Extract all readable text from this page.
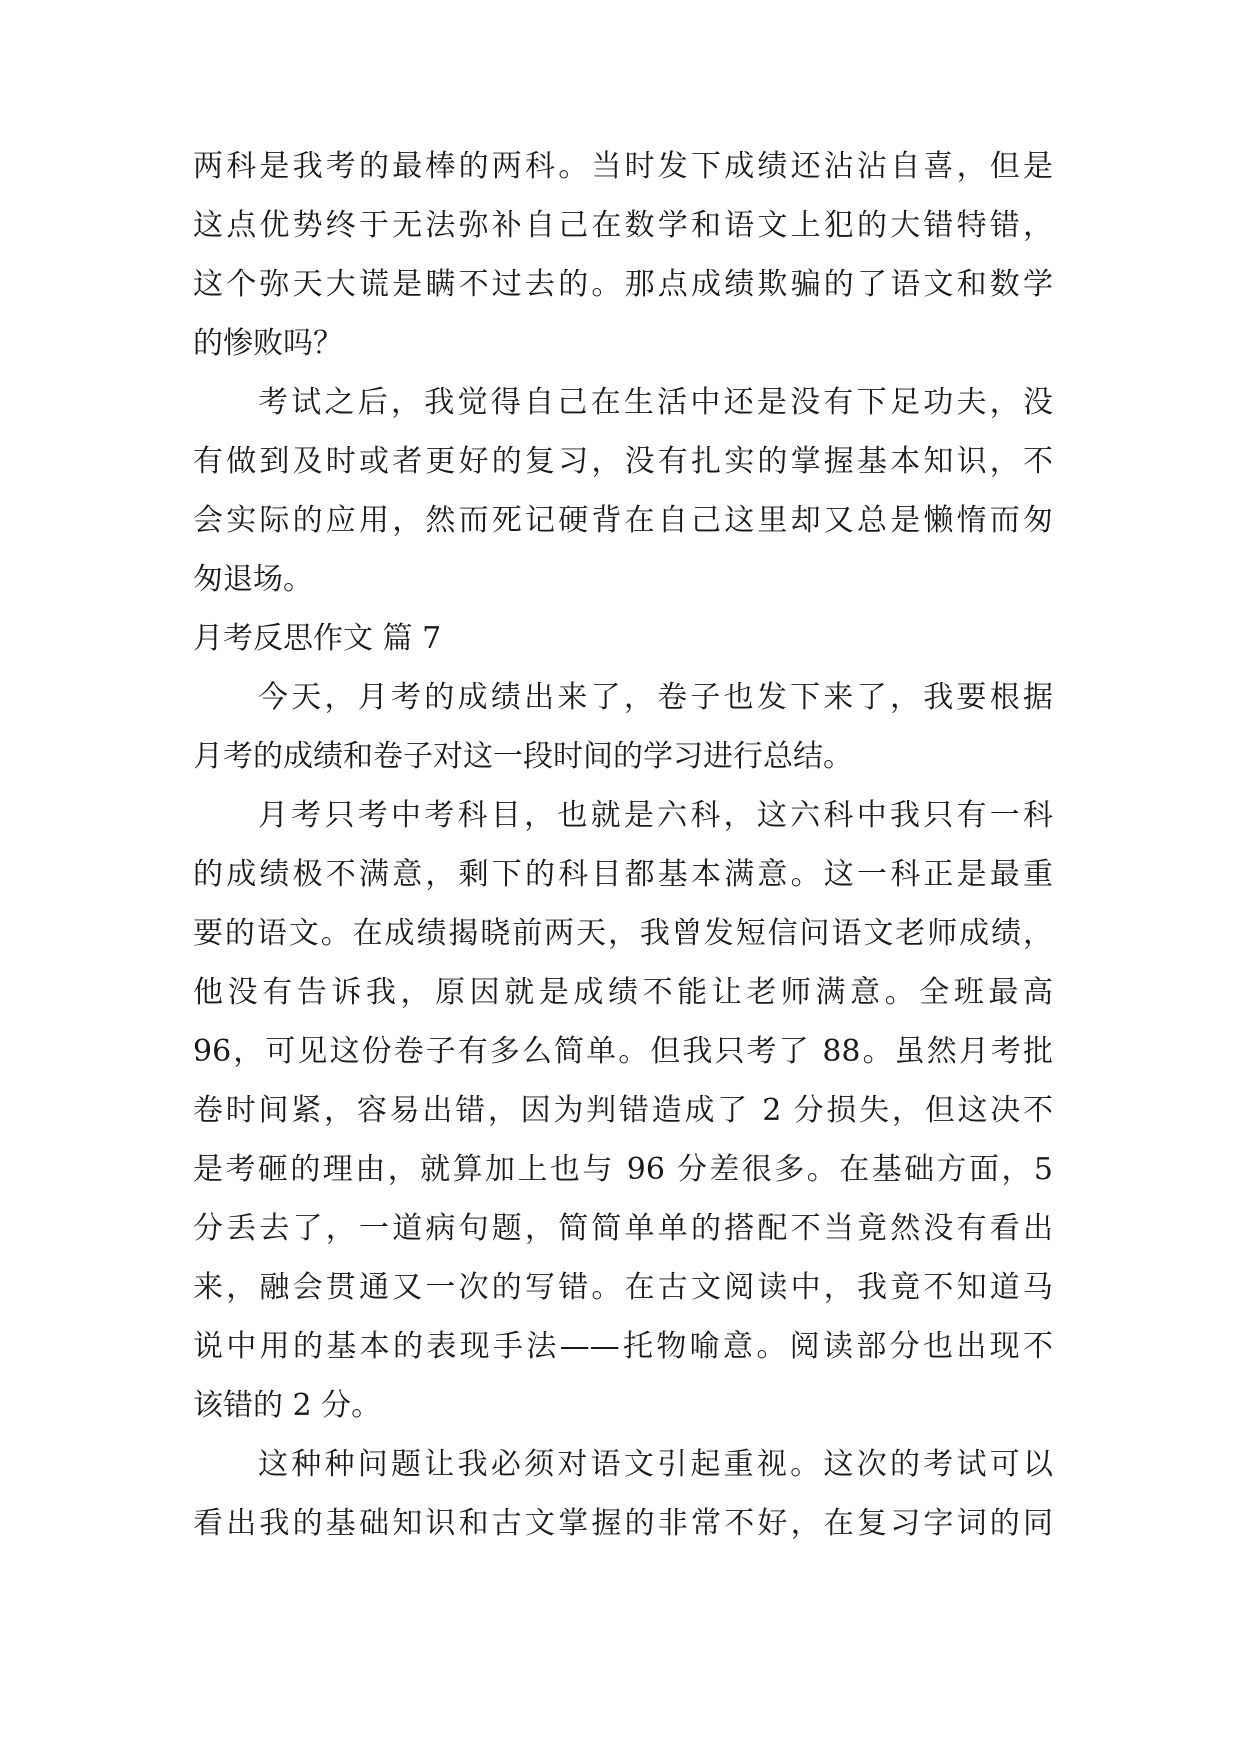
两科是我考的最棒的两科。当时发下成绩还沾沾自喜，但是
这点优势终于无法弥补自己在数学和语文上犯的大错特错，
这个弥天大谎是瞒不过去的。那点成绩欺骗的了语文和数学
的惨败吗？
考试之后，我觉得自己在生活中还是没有下足功夫，没
有做到及时或者更好的复习，没有扎实的掌握基本知识，不
会实际的应用，然而死记硬背在自己这里却又总是懒惰而匆
匆退场。
月考反思作文 篇 7
今天，月考的成绩出来了，卷子也发下来了，我要根据
月考的成绩和卷子对这一段时间的学习进行总结。
月考只考中考科目，也就是六科，这六科中我只有一科
的成绩极不满意，剩下的科目都基本满意。这一科正是最重
要的语文。在成绩揭晓前两天，我曾发短信问语文老师成绩，
他没有告诉我，原因就是成绩不能让老师满意。全班最高
96，可见这份卷子有多么简单。但我只考了 88。虽然月考批
卷时间紧，容易出错，因为判错造成了 2 分损失，但这决不
是考砸的理由，就算加上也与 96 分差很多。在基础方面，5
分丢去了，一道病句题，简简单单的搭配不当竟然没有看出
来，融会贯通又一次的写错。在古文阅读中，我竟不知道马
说中用的基本的表现手法——托物喻意。阅读部分也出现不
该错的 2 分。
这种种问题让我必须对语文引起重视。这次的考试可以
看出我的基础知识和古文掌握的非常不好，在复习字词的同
